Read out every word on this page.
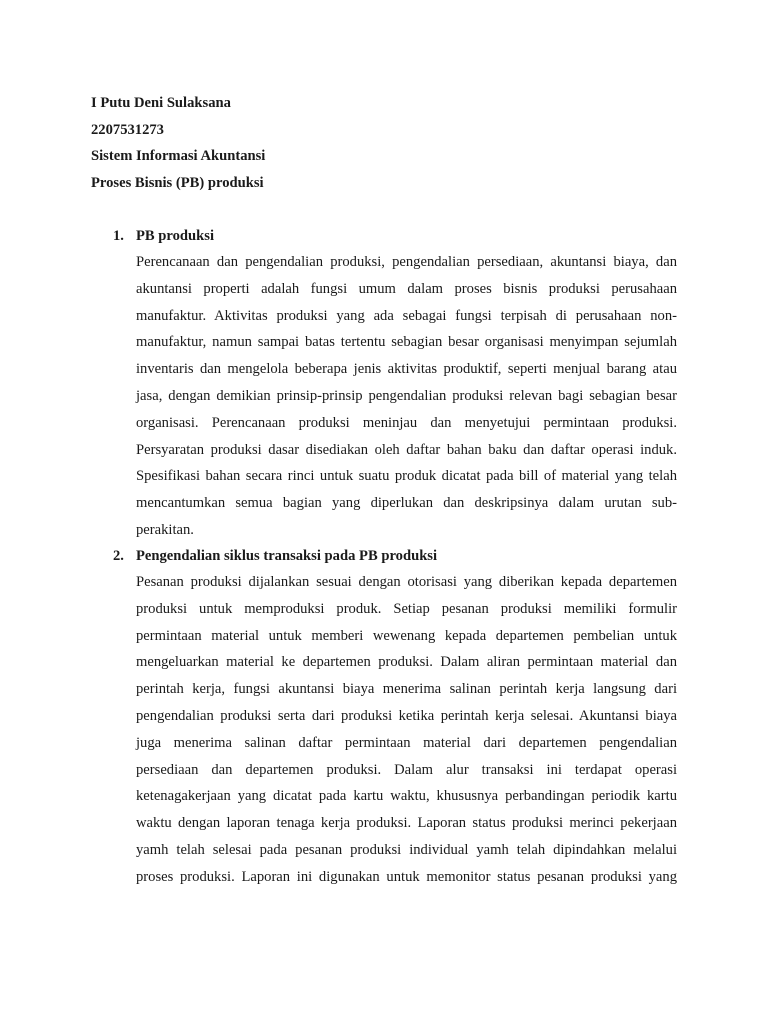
I Putu Deni Sulaksana
2207531273
Sistem Informasi Akuntansi
Proses Bisnis (PB) produksi
1. PB produksi
Perencanaan dan pengendalian produksi, pengendalian persediaan, akuntansi biaya, dan
akuntansi properti adalah fungsi umum dalam proses bisnis produksi perusahaan
manufaktur. Aktivitas produksi yang ada sebagai fungsi terpisah di perusahaan non-
manufaktur, namun sampai batas tertentu sebagian besar organisasi menyimpan sejumlah
inventaris dan mengelola beberapa jenis aktivitas produktif, seperti menjual barang atau
jasa, dengan demikian prinsip-prinsip pengendalian produksi relevan bagi sebagian besar
organisasi. Perencanaan produksi meninjau dan menyetujui permintaan produksi.
Persyaratan produksi dasar disediakan oleh daftar bahan baku dan daftar operasi induk.
Spesifikasi bahan secara rinci untuk suatu produk dicatat pada bill of material yang telah
mencantumkan semua bagian yang diperlukan dan deskripsinya dalam urutan sub-
perakitan.
2. Pengendalian siklus transaksi pada PB produksi
Pesanan produksi dijalankan sesuai dengan otorisasi yang diberikan kepada departemen
produksi untuk memproduksi produk. Setiap pesanan produksi memiliki formulir
permintaan material untuk memberi wewenang kepada departemen pembelian untuk
mengeluarkan material ke departemen produksi. Dalam aliran permintaan material dan
perintah kerja, fungsi akuntansi biaya menerima salinan perintah kerja langsung dari
pengendalian produksi serta dari produksi ketika perintah kerja selesai. Akuntansi biaya
juga menerima salinan daftar permintaan material dari departemen pengendalian
persediaan dan departemen produksi. Dalam alur transaksi ini terdapat operasi
ketenagakerjaan yang dicatat pada kartu waktu, khususnya perbandingan periodik kartu
waktu dengan laporan tenaga kerja produksi. Laporan status produksi merinci pekerjaan
yamh telah selesai pada pesanan produksi individual yamh telah dipindahkan melalui
proses produksi. Laporan ini digunakan untuk memonitor status pesanan produksi yang
